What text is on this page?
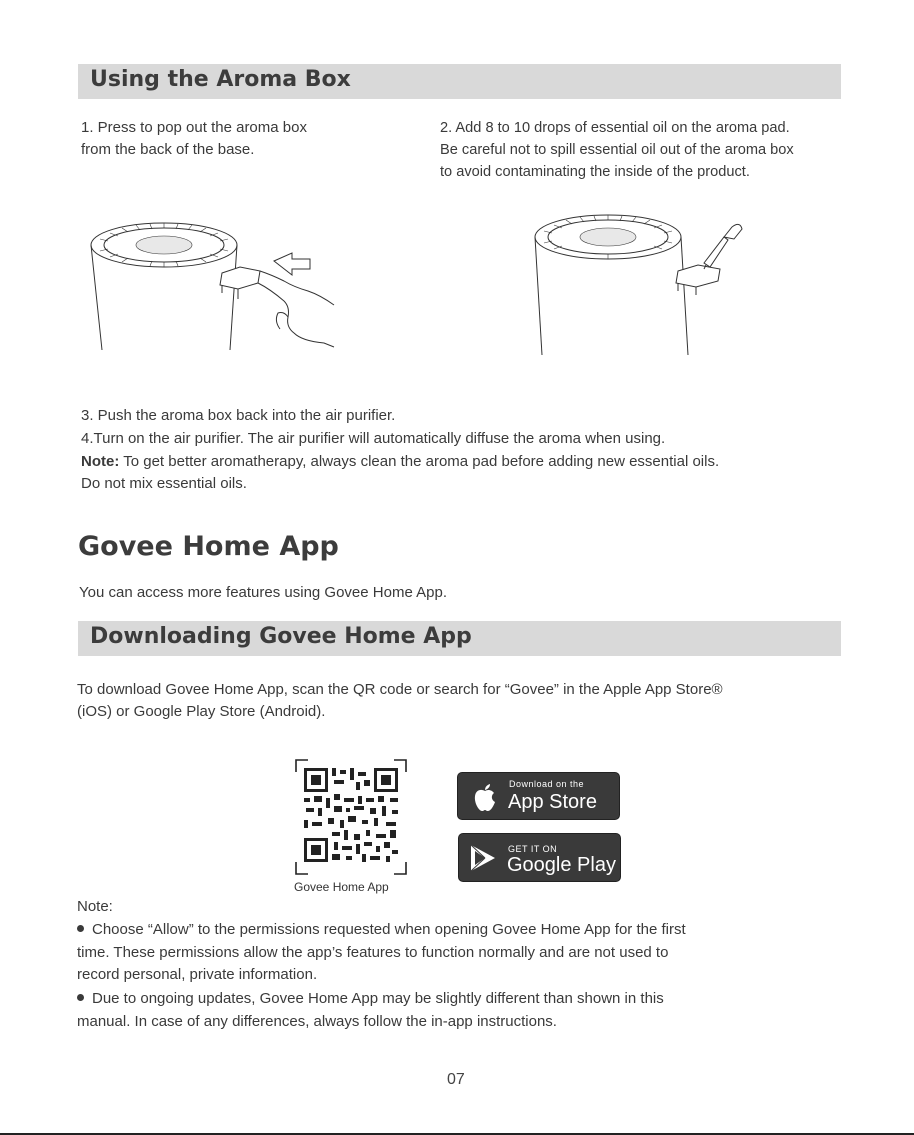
Using the Aroma Box
1. Press to pop out the aroma box
from the back of the base.
2. Add 8 to 10 drops of essential oil on the aroma pad.
Be careful not to spill essential oil out of the aroma box
to avoid contaminating the inside of the product.
3. Push the aroma box back into the air purifier.
4.Turn on the air purifier. The air purifier will automatically diffuse the aroma when using.
Note: To get better aromatherapy, always clean the aroma pad before adding new essential oils.
Do not mix essential oils.
Govee Home App
You can access more features using Govee Home App.
Downloading Govee Home App
To download Govee Home App, scan the QR code or search for “Govee” in the Apple App Store®
(iOS) or Google Play Store (Android).
Govee Home App
Download on the
App Store
GET IT ON
Google Play
Note:
Choose “Allow” to the permissions requested when opening Govee Home App for the first
time. These permissions allow the app’s features to function normally and are not used to
record personal, private information.
Due to ongoing updates, Govee Home App may be slightly different than shown in this
manual. In case of any differences, always follow the in-app instructions.
07
